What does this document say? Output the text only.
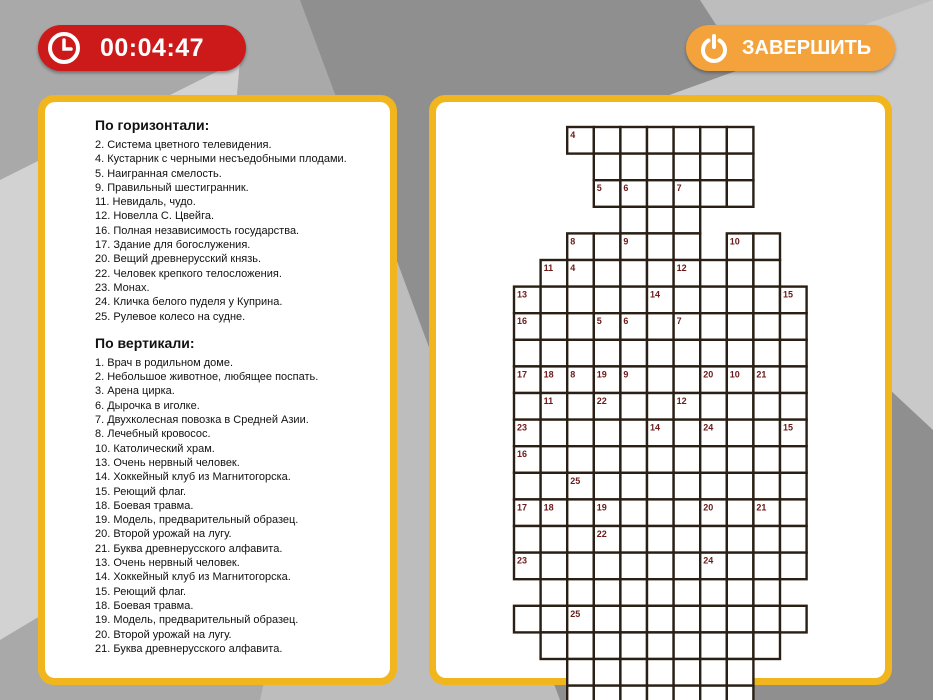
00:04:47	ЗАВЕРШИТЬ
По горизонтали:
2. Система цветного телевидения.
4. Кустарник с черными несъедобными плодами.
5. Наигранная смелость.
9. Правильный шестигранник.
11. Невидаль, чудо.
12. Новелла С. Цвейга.
16. Полная независимость государства.
17. Здание для богослужения.
20. Вещий древнерусский князь.
22. Человек крепкого телосложения.
23. Монах.
24. Кличка белого пуделя у Куприна.
25. Рулевое колесо на судне.
По вертикали:
1. Врач в родильном доме.
2. Небольшое животное, любящее поспать.
3. Арена цирка.
6. Дырочка в иголке.
7. Двухколесная повозка в Средней Азии.
8. Лечебный кровосос.
10. Католический храм.
13. Очень нервный человек.
14. Хоккейный клуб из Магнитогорска.
15. Реющий флаг.
18. Боевая травма.
19. Модель, предварительный образец.
20. Второй урожай на лугу.
21. Буква древнерусского алфавита.
13. Очень нервный человек.
14. Хоккейный клуб из Магнитогорска.
15. Реющий флаг.
18. Боевая травма.
19. Модель, предварительный образец.
20. Второй урожай на лугу.
21. Буква древнерусского алфавита.
4
5 6	7
8	9	10
11 4	12
13	14	15
16	5 6	7
17 18 8 19 9	20 10 21
11	22	12
23	14	24	15
16
25
17 18	19	20	21
22
23	24
25
